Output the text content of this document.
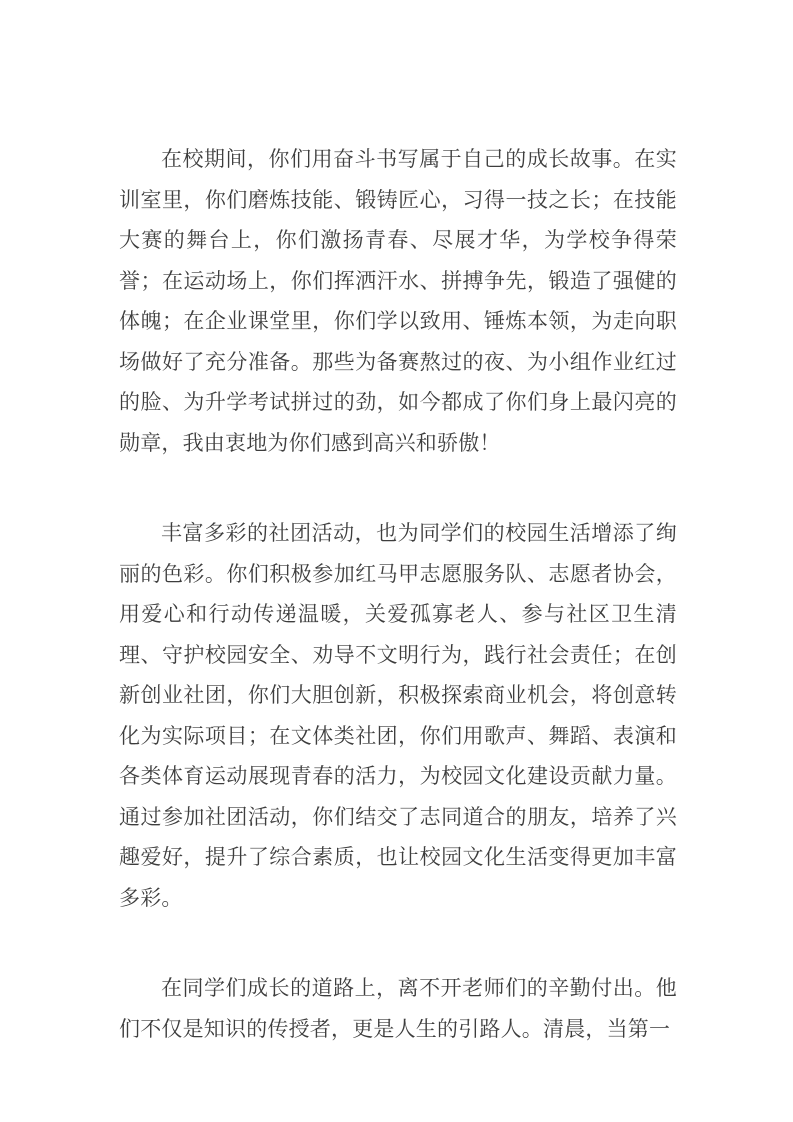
在校期间，你们用奋斗书写属于自己的成长故事。在实训室里，你们磨炼技能、锻铸匠心，习得一技之长；在技能大赛的舞台上，你们激扬青春、尽展才华，为学校争得荣誉；在运动场上，你们挥洒汗水、拼搏争先，锻造了强健的体魄；在企业课堂里，你们学以致用、锤炼本领，为走向职场做好了充分准备。那些为备赛熬过的夜、为小组作业红过的脸、为升学考试拼过的劲，如今都成了你们身上最闪亮的勋章，我由衷地为你们感到高兴和骄傲！

丰富多彩的社团活动，也为同学们的校园生活增添了绚丽的色彩。你们积极参加红马甲志愿服务队、志愿者协会，用爱心和行动传递温暖，关爱孤寡老人、参与社区卫生清理、守护校园安全、劝导不文明行为，践行社会责任；在创新创业社团，你们大胆创新，积极探索商业机会，将创意转化为实际项目；在文体类社团，你们用歌声、舞蹈、表演和各类体育运动展现青春的活力，为校园文化建设贡献力量。通过参加社团活动，你们结交了志同道合的朋友，培养了兴趣爱好，提升了综合素质，也让校园文化生活变得更加丰富多彩。

在同学们成长的道路上，离不开老师们的辛勤付出。他们不仅是知识的传授者，更是人生的引路人。清晨，当第一
